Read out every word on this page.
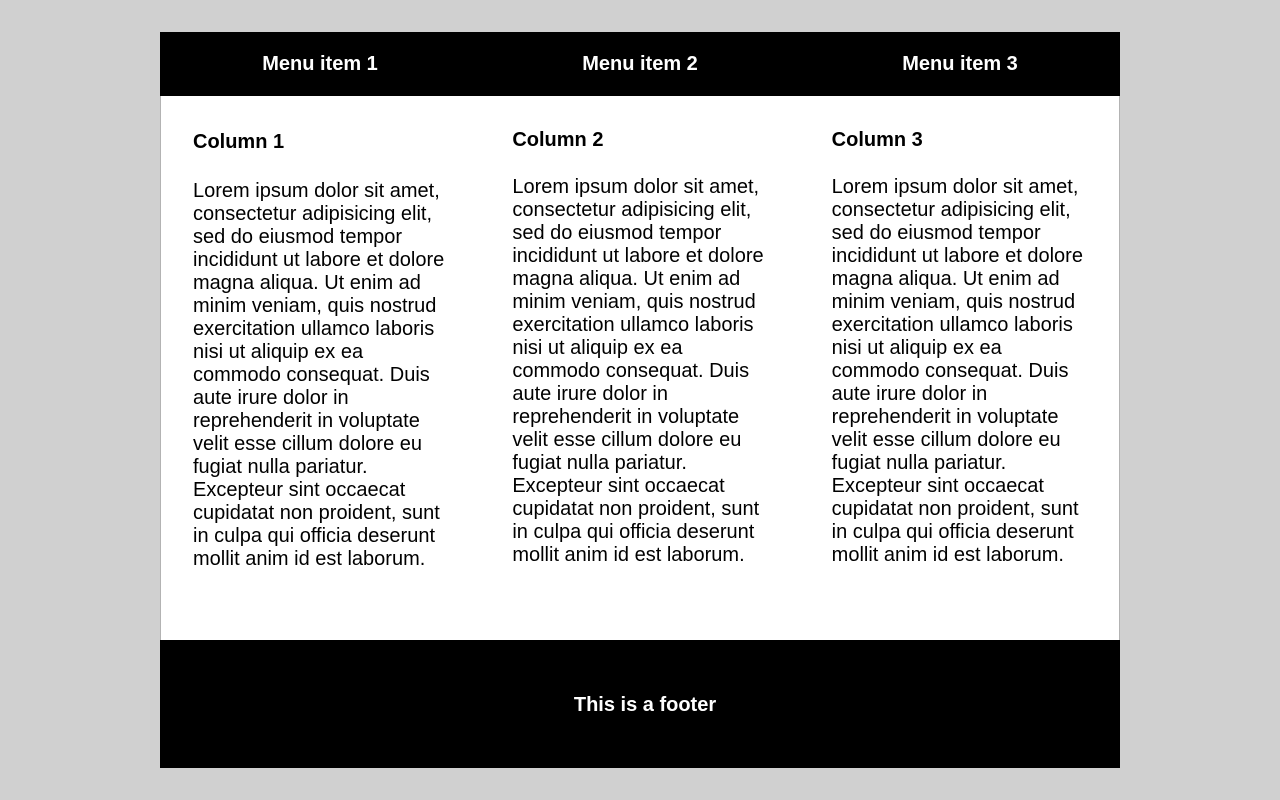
Menu item 1	Menu item 2	Menu item 3
Column 1

Lorem ipsum dolor sit amet, consectetur adipisicing elit, sed do eiusmod tempor incididunt ut labore et dolore magna aliqua. Ut enim ad minim veniam, quis nostrud exercitation ullamco laboris nisi ut aliquip ex ea commodo consequat. Duis aute irure dolor in reprehenderit in voluptate velit esse cillum dolore eu fugiat nulla pariatur. Excepteur sint occaecat cupidatat non proident, sunt in culpa qui officia deserunt mollit anim id est laborum.

Column 2

Lorem ipsum dolor sit amet, consectetur adipisicing elit, sed do eiusmod tempor incididunt ut labore et dolore magna aliqua. Ut enim ad minim veniam, quis nostrud exercitation ullamco laboris nisi ut aliquip ex ea commodo consequat. Duis aute irure dolor in reprehenderit in voluptate velit esse cillum dolore eu fugiat nulla pariatur. Excepteur sint occaecat cupidatat non proident, sunt in culpa qui officia deserunt mollit anim id est laborum.

Column 3

Lorem ipsum dolor sit amet, consectetur adipisicing elit, sed do eiusmod tempor incididunt ut labore et dolore magna aliqua. Ut enim ad minim veniam, quis nostrud exercitation ullamco laboris nisi ut aliquip ex ea commodo consequat. Duis aute irure dolor in reprehenderit in voluptate velit esse cillum dolore eu fugiat nulla pariatur. Excepteur sint occaecat cupidatat non proident, sunt in culpa qui officia deserunt mollit anim id est laborum.

This is a footer
